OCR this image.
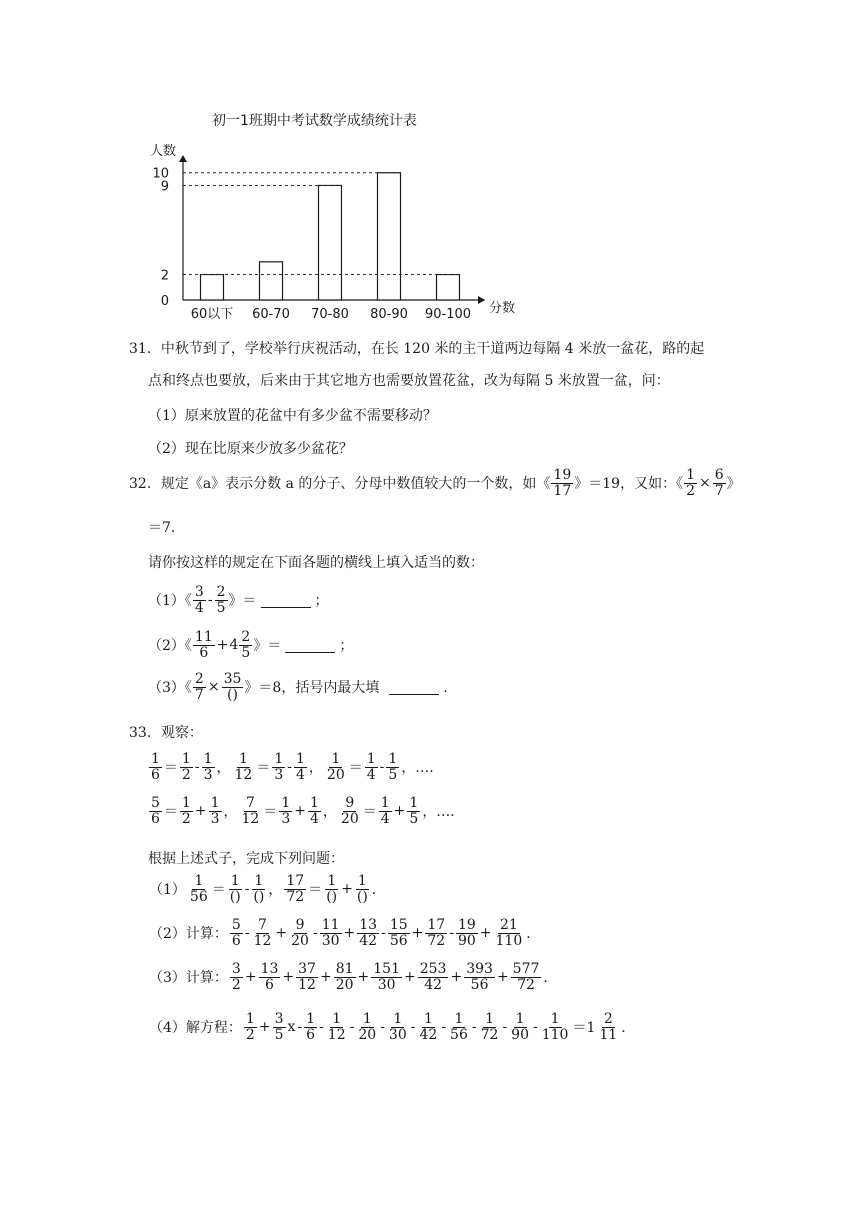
初一1班期中考试数学成绩统计表
人数
分数
60以下 60-70 70-80 80-90 90-100
0
2
9
10
31．中秋节到了，学校举行庆祝活动，在长 120 米的主干道两边每隔 4 米放一盆花，路的起
点和终点也要放，后来由于其它地方也需要放置花盆，改为每隔 5 米放置一盆，问：
（1）原来放置的花盆中有多少盆不需要移动？
（2）现在比原来少放多少盆花？
32．规定《a》表示分数 a 的分子、分母中数值较大的一个数，如《 $\frac{19}{17}$ 》＝19，又如：《 $\frac{1}{2} \times \frac{6}{7}$ 》
＝7．
请你按这样的规定在下面各题的横线上填入适当的数：
（1）《 $\frac{3}{4} - \frac{2}{5}$ 》＝	；
（2）《 $\frac{11}{6} + 4 \frac{2}{5}$ 》＝	；
（3）《 $\frac{2}{7} \times \frac{35}{()}$ 》＝8，括号内最大填	．
33．观察：
$\frac{1}{6} = \frac{1}{2} - \frac{1}{3}$ ， $\frac{1}{12} = \frac{1}{3} - \frac{1}{4}$ ， $\frac{1}{20} = \frac{1}{4} - \frac{1}{5}$ ，…．
$\frac{5}{6} = \frac{1}{2} + \frac{1}{3}$ ， $\frac{7}{12} = \frac{1}{3} + \frac{1}{4}$ ， $\frac{9}{20} = \frac{1}{4} + \frac{1}{5}$ ，…．
根据上述式子，完成下列问题：
$(1) \frac{1}{56} = \frac{1}{()} - \frac{1}{()}$ ， $\frac{17}{72} = \frac{1}{()} + \frac{1}{()}$ ．
（2）计算： $\frac{5}{6} - \frac{7}{12} + \frac{9}{20} - \frac{11}{30} + \frac{13}{42} - \frac{15}{56} + \frac{17}{72} - \frac{19}{90} + \frac{21}{110}$ ．
（3）计算： $\frac{3}{2} + \frac{13}{6} + \frac{37}{12} + \frac{81}{20} + \frac{151}{30} + \frac{253}{42} + \frac{393}{56} + \frac{577}{72}$ ．
（4）解方程： $\frac{1}{2} + \frac{3}{5}$ $x - \frac{1}{6} - \frac{1}{12} - \frac{1}{20} - \frac{1}{30} - \frac{1}{42} - \frac{1}{56} - \frac{1}{72} - \frac{1}{90} - \frac{1}{110} =1 \frac{2}{11}$ ．
